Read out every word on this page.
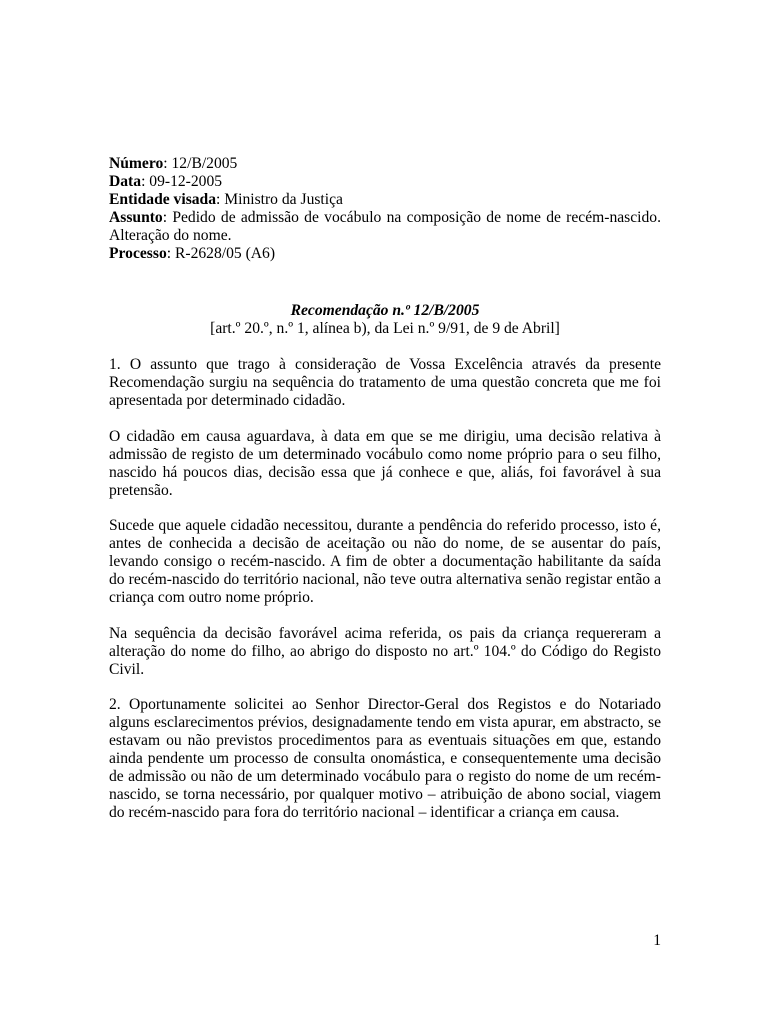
Número: 12/B/2005

Data: 09-12-2005

Entidade visada: Ministro da Justiça

Assunto: Pedido de admissão de vocábulo na composição de nome de recém-nascido. Alteração do nome.

Processo: R-2628/05 (A6)

Recomendação n.º 12/B/2005

[art.º 20.º, n.º 1, alínea b), da Lei n.º 9/91, de 9 de Abril]

1. O assunto que trago à consideração de Vossa Excelência através da presente Recomendação surgiu na sequência do tratamento de uma questão concreta que me foi apresentada por determinado cidadão.

O cidadão em causa aguardava, à data em que se me dirigiu, uma decisão relativa à admissão de registo de um determinado vocábulo como nome próprio para o seu filho, nascido há poucos dias, decisão essa que já conhece e que, aliás, foi favorável à sua pretensão.

Sucede que aquele cidadão necessitou, durante a pendência do referido processo, isto é, antes de conhecida a decisão de aceitação ou não do nome, de se ausentar do país, levando consigo o recém-nascido. A fim de obter a documentação habilitante da saída do recém-nascido do território nacional, não teve outra alternativa senão registar então a criança com outro nome próprio.

Na sequência da decisão favorável acima referida, os pais da criança requereram a alteração do nome do filho, ao abrigo do disposto no art.º 104.º do Código do Registo Civil.

2. Oportunamente solicitei ao Senhor Director-Geral dos Registos e do Notariado alguns esclarecimentos prévios, designadamente tendo em vista apurar, em abstracto, se estavam ou não previstos procedimentos para as eventuais situações em que, estando ainda pendente um processo de consulta onomástica, e consequentemente uma decisão de admissão ou não de um determinado vocábulo para o registo do nome de um recém-nascido, se torna necessário, por qualquer motivo – atribuição de abono social, viagem do recém-nascido para fora do território nacional – identificar a criança em causa.

1
